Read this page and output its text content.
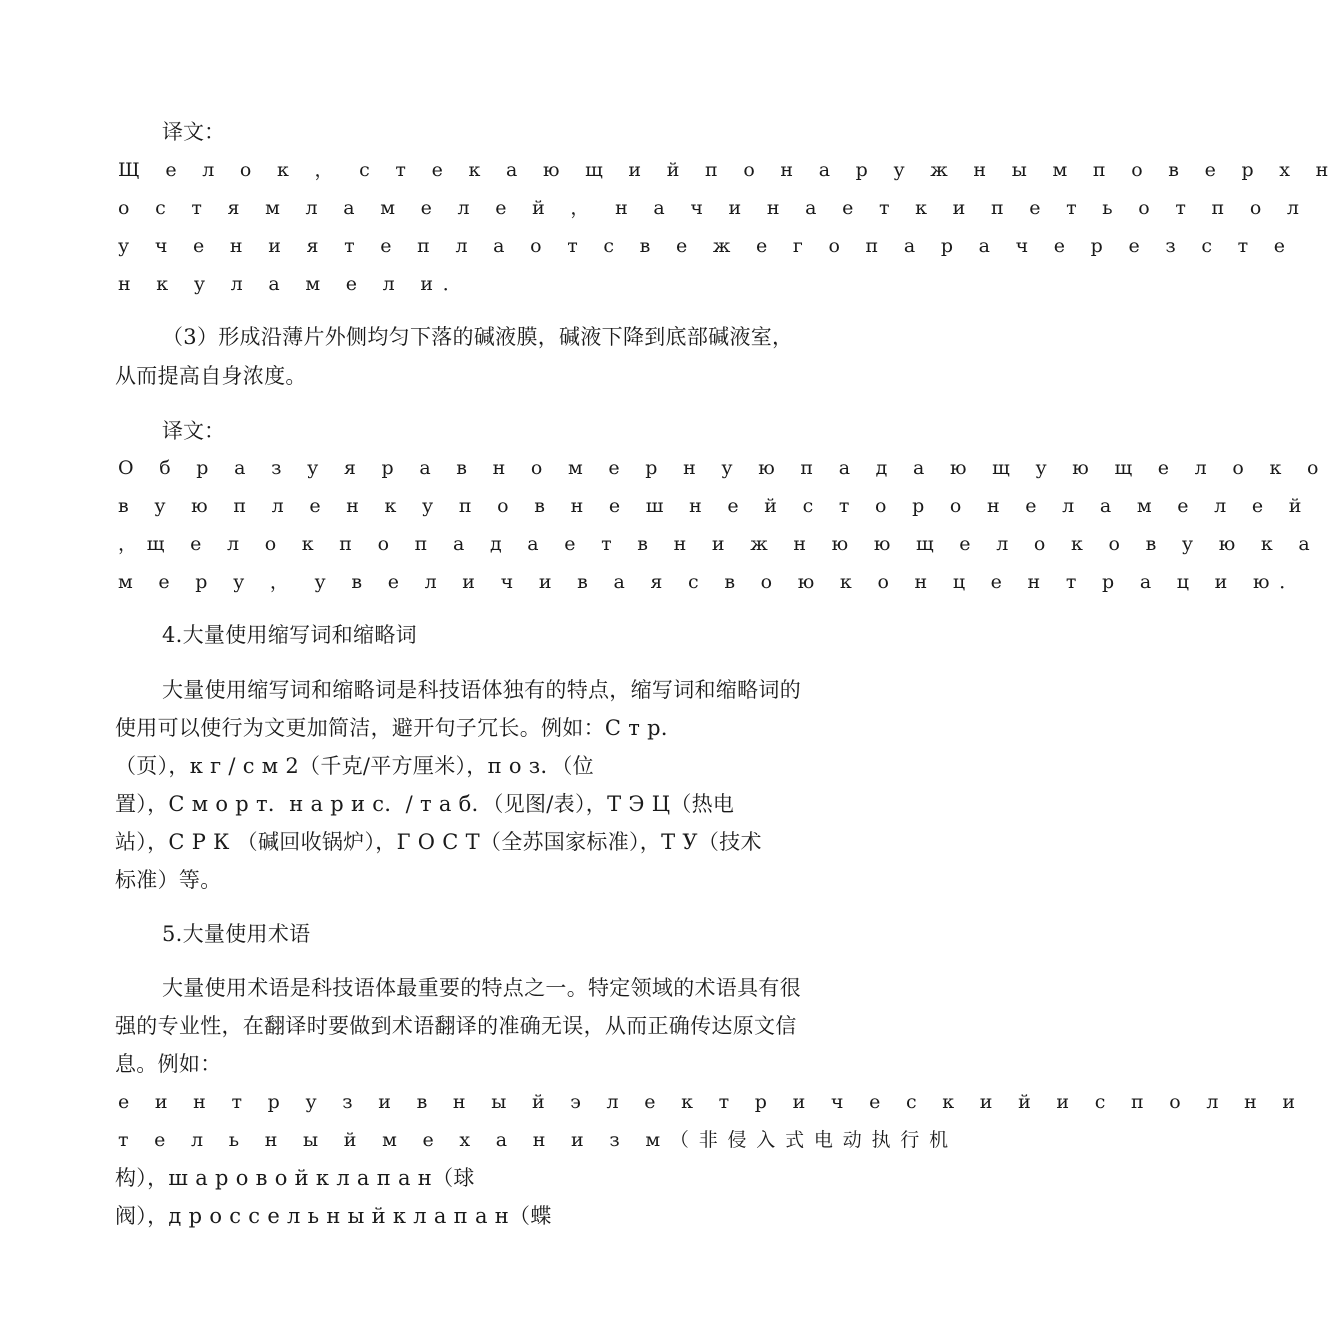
译文：

Щ е л о к ， с т е к а ю щ и й п о н а р у ж н ы м п о в е р х н

о с т я м л а м е л е й ， н а ч и н а е т к и п е т ь о т п о л

у ч е н и я т е п л а о т с в е ж е г о п а р а ч е р е з с т е

н к у л а м е л и．

（3）形成沿薄片外侧均匀下落的碱液膜，碱液下降到底部碱液室，

从而提高自身浓度。

译文：

О б р а з у я р а в н о м е р н у ю п а д а ю щ у ю щ е л о к о

в у ю п л е н к у п о в н е ш н е й с т о р о н е л а м е л е й

，щ е л о к п о п а д а е т в н и ж н ю ю щ е л о к о в у ю к а

м е р у ， у в е л и ч и в а я с в о ю к о н ц е н т р а ц и ю．

4.大量使用缩写词和缩略词

大量使用缩写词和缩略词是科技语体独有的特点，缩写词和缩略词的

使用可以使行为文更加简洁，避开句子冗长。例如：С т р．

（页），к г / с м 2（千克/平方厘米），п о з．（位

置），С м о р т．н а р и с．/ т а б．（见图/表），Т Э Ц（热电

站），С Р К （碱回收锅炉），Г О С Т（全苏国家标准），Т У（技术

标准）等。

5.大量使用术语

大量使用术语是科技语体最重要的特点之一。特定领域的术语具有很

强的专业性，在翻译时要做到术语翻译的准确无误，从而正确传达原文信

息。例如：

е и н т р у з и в н ы й э л е к т р и ч е с к и й и с п о л н и

т е л ь н ы й м е х а н и з м（非侵入式电动执行机

构），ш а р о в о й к л а п а н（球

阀），д р о с с е л ь н ы й к л а п а н（蝶
